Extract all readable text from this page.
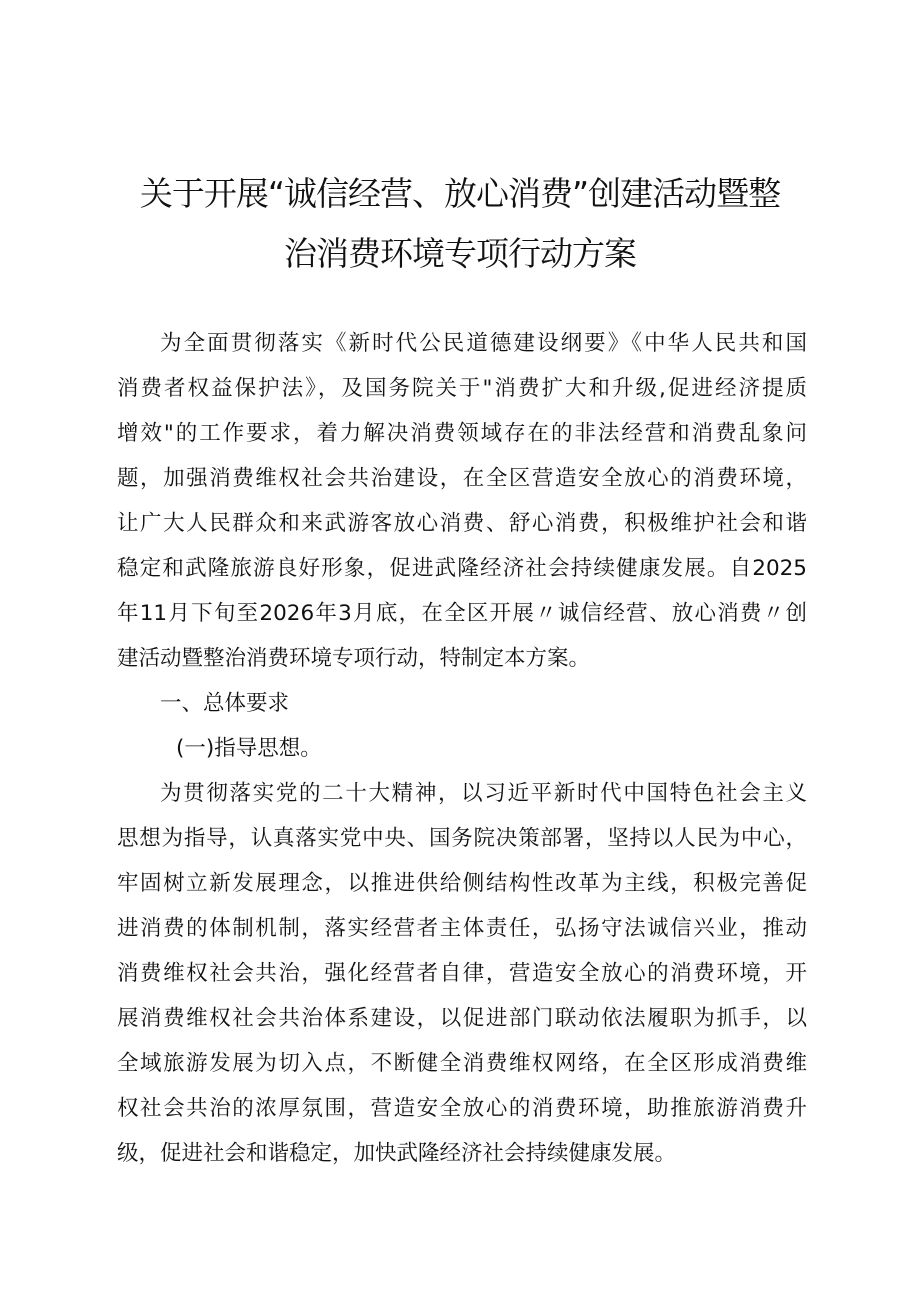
关于开展“诚信经营、放心消费”创建活动暨整
治消费环境专项行动方案
为全面贯彻落实《新时代公民道德建设纲要》《中华人民共和国
消费者权益保护法》，及国务院关于"消费扩大和升级,促进经济提质
增效"的工作要求，着力解决消费领域存在的非法经营和消费乱象问
题，加强消费维权社会共治建设，在全区营造安全放心的消费环境，
让广大人民群众和来武游客放心消费、舒心消费，积极维护社会和谐
稳定和武隆旅游良好形象，促进武隆经济社会持续健康发展。自2025
年11月下旬至2026年3月底，在全区开展〃诚信经营、放心消费〃创
建活动暨整治消费环境专项行动，特制定本方案。
一、总体要求
(一)指导思想。
为贯彻落实党的二十大精神，以习近平新时代中国特色社会主义
思想为指导，认真落实党中央、国务院决策部署，坚持以人民为中心，
牢固树立新发展理念，以推进供给侧结构性改革为主线，积极完善促
进消费的体制机制，落实经营者主体责任，弘扬守法诚信兴业，推动
消费维权社会共治，强化经营者自律，营造安全放心的消费环境，开
展消费维权社会共治体系建设，以促进部门联动依法履职为抓手，以
全域旅游发展为切入点，不断健全消费维权网络，在全区形成消费维
权社会共治的浓厚氛围，营造安全放心的消费环境，助推旅游消费升
级，促进社会和谐稳定，加快武隆经济社会持续健康发展。
